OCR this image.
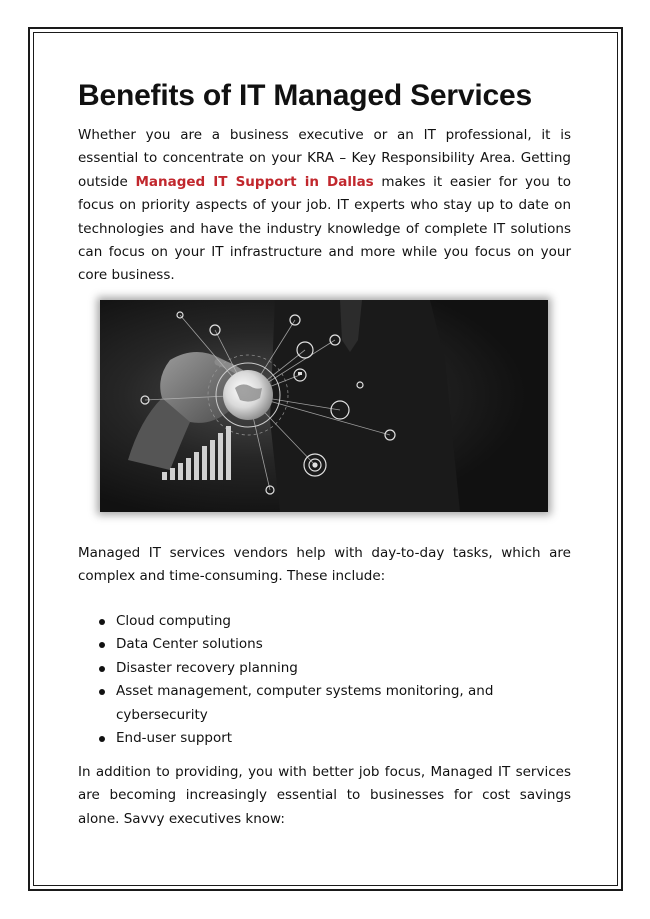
Benefits of IT Managed Services

Whether you are a business executive or an IT professional, it is essential to concentrate on your KRA – Key Responsibility Area. Getting outside Managed IT Support in Dallas makes it easier for you to focus on priority aspects of your job. IT experts who stay up to date on technologies and have the industry knowledge of complete IT solutions can focus on your IT infrastructure and more while you focus on your core business.

Managed IT services vendors help with day-to-day tasks, which are complex and time-consuming. These include:

Cloud computing
Data Center solutions
Disaster recovery planning
Asset management, computer systems monitoring, and cybersecurity
End-user support

In addition to providing, you with better job focus, Managed IT services are becoming increasingly essential to businesses for cost savings alone. Savvy executives know:
